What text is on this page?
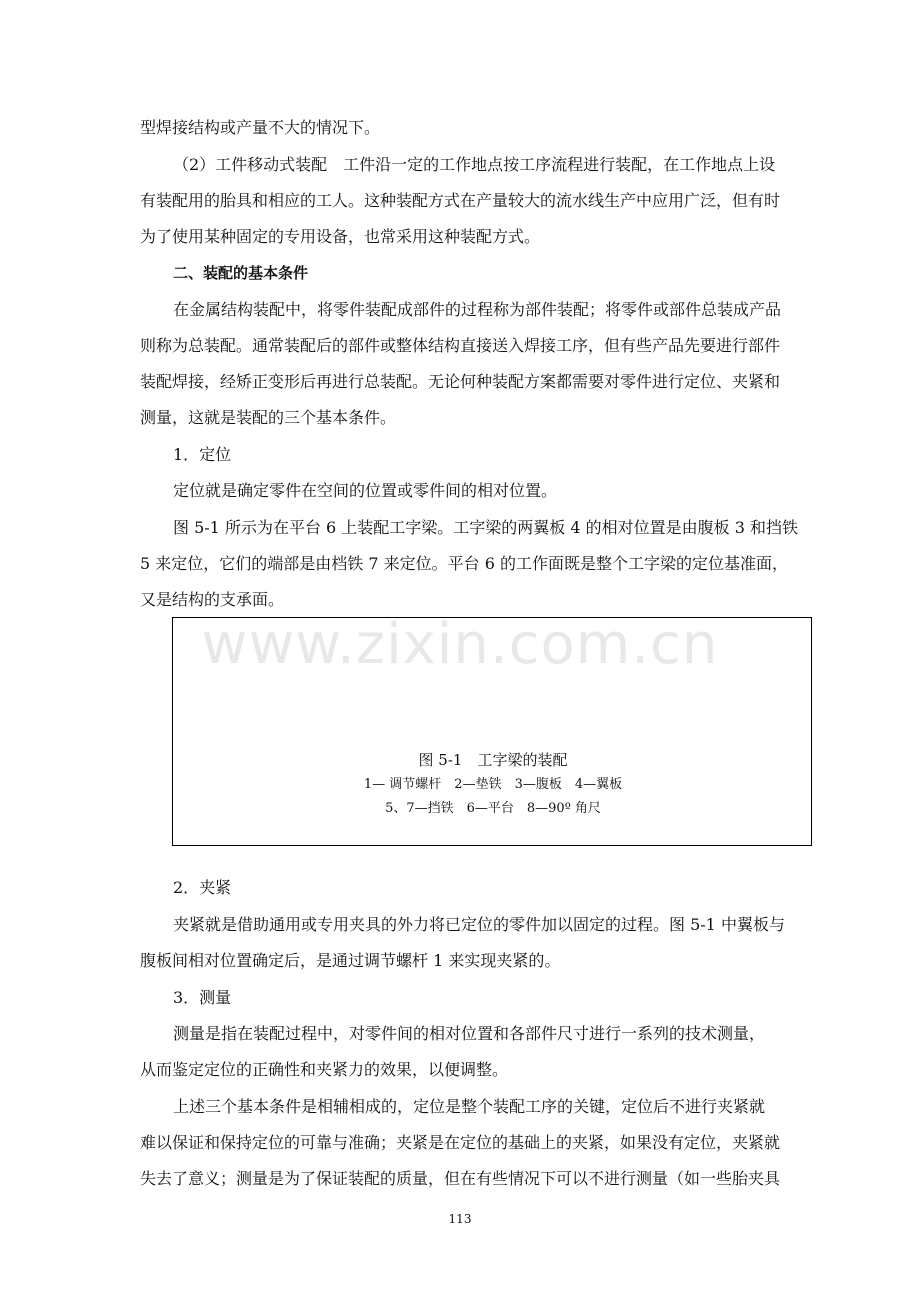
型焊接结构或产量不大的情况下。

（2）工件移动式装配　工件沿一定的工作地点按工序流程进行装配，在工作地点上设

有装配用的胎具和相应的工人。这种装配方式在产量较大的流水线生产中应用广泛，但有时

为了使用某种固定的专用设备，也常采用这种装配方式。

二、装配的基本条件

在金属结构装配中，将零件装配成部件的过程称为部件装配；将零件或部件总装成产品

则称为总装配。通常装配后的部件或整体结构直接送入焊接工序，但有些产品先要进行部件

装配焊接，经矫正变形后再进行总装配。无论何种装配方案都需要对零件进行定位、夹紧和

测量，这就是装配的三个基本条件。

1．定位

定位就是确定零件在空间的位置或零件间的相对位置。

图 5-1 所示为在平台 6 上装配工字梁。工字梁的两翼板 4 的相对位置是由腹板 3 和挡铁

5 来定位，它们的端部是由档铁 7 来定位。平台 6 的工作面既是整个工字梁的定位基准面，

又是结构的支承面。

图 5-1　工字梁的装配
1— 调节螺杆　2—垫铁　3—腹板　4—翼板
5、7—挡铁　6—平台　8—90º 角尺
www.zixin.com.cn

2．夹紧

夹紧就是借助通用或专用夹具的外力将已定位的零件加以固定的过程。图 5-1 中翼板与

腹板间相对位置确定后，是通过调节螺杆 1 来实现夹紧的。

3．测量

测量是指在装配过程中，对零件间的相对位置和各部件尺寸进行一系列的技术测量，

从而鉴定定位的正确性和夹紧力的效果，以便调整。

上述三个基本条件是相辅相成的，定位是整个装配工序的关键，定位后不进行夹紧就

难以保证和保持定位的可靠与准确；夹紧是在定位的基础上的夹紧，如果没有定位，夹紧就

失去了意义；测量是为了保证装配的质量，但在有些情况下可以不进行测量（如一些胎夹具

113
